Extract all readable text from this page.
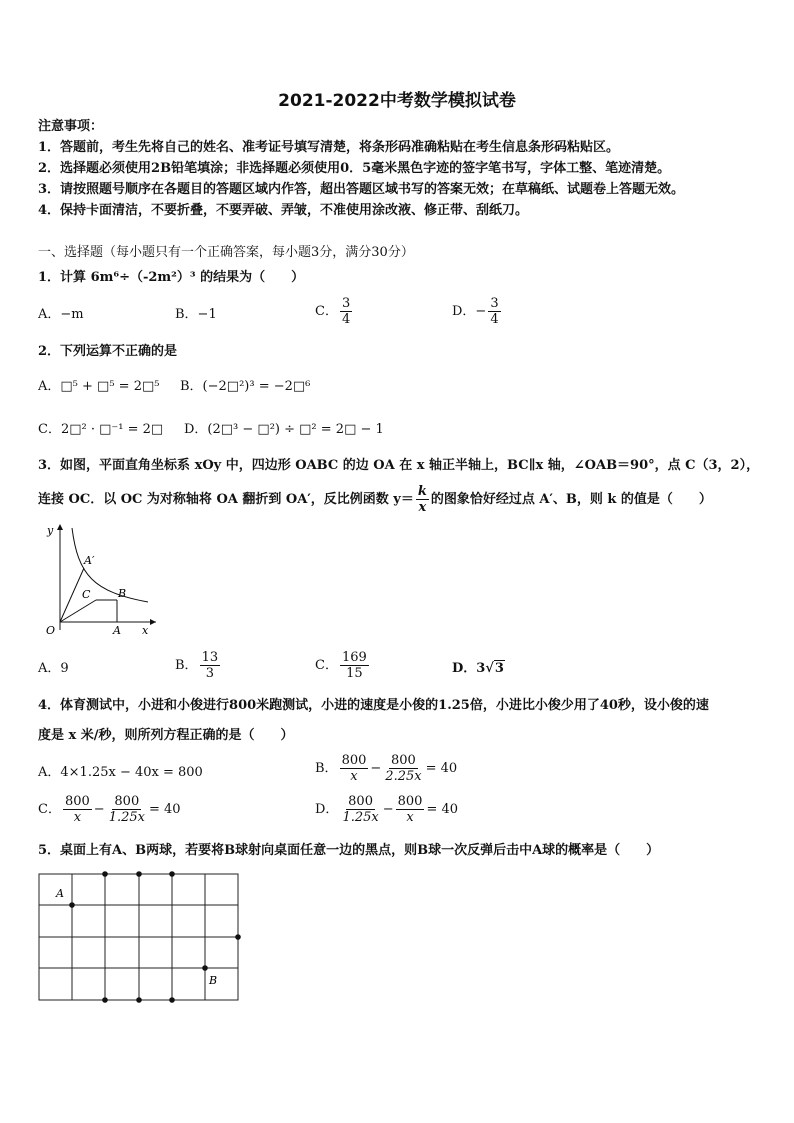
2021-2022中考数学模拟试卷
注意事项：
1．答题前，考生先将自己的姓名、准考证号填写清楚，将条形码准确粘贴在考生信息条形码粘贴区。
2．选择题必须使用2B铅笔填涂；非选择题必须使用0．5毫米黑色字迹的签字笔书写，字体工整、笔迹清楚。
3．请按照题号顺序在各题目的答题区域内作答，超出答题区域书写的答案无效；在草稿纸、试题卷上答题无效。
4．保持卡面清洁，不要折叠，不要弄破、弄皱，不准使用涂改液、修正带、刮纸刀。
一、选择题（每小题只有一个正确答案，每小题3分，满分30分）
1．计算 6m⁶÷（-2m²）³ 的结果为（　　）
A．−m	B．−1	C． $\frac{3}{4}$	D．− $\frac{3}{4}$
2．下列运算不正确的是
A．□⁵ + □⁵ = 2□⁵ B．(−2□²)³ = −2□⁶
C．2□² · □⁻¹ = 2□ D．(2□³ − □²) ÷ □² = 2□ − 1
3．如图，平面直角坐标系 xOy 中，四边形 OABC 的边 OA 在 x 轴正半轴上，BC∥x 轴，∠OAB＝90°，点 C（3，2），
连接 OC．以 OC 为对称轴将 OA 翻折到 OA′，反比例函数 $y= \frac{k}{x}$ 的图象恰好经过点 A′、B，则 k 的值是（　　）
y
x
O	A
A′
C	B
A．9	B． $\frac{13}{3}$	C． $\frac{169}{15}$	D．3√3
4．体育测试中，小进和小俊进行800米跑测试，小进的速度是小俊的1.25倍，小进比小俊少用了40秒，设小俊的速
度是 x 米/秒，则所列方程正确的是（　　）
A．4×1.25x − 40x = 800	B． $\frac{800}{x} - \frac{800}{2.25x} = 40$
C． $\frac{800}{x} - \frac{800}{1.25x} = 40$	D． $\frac{800}{1.25x} - \frac{800}{x} = 40$
5．桌面上有A、B两球，若要将B球射向桌面任意一边的黑点，则B球一次反弹后击中A球的概率是（　　）
A
B
